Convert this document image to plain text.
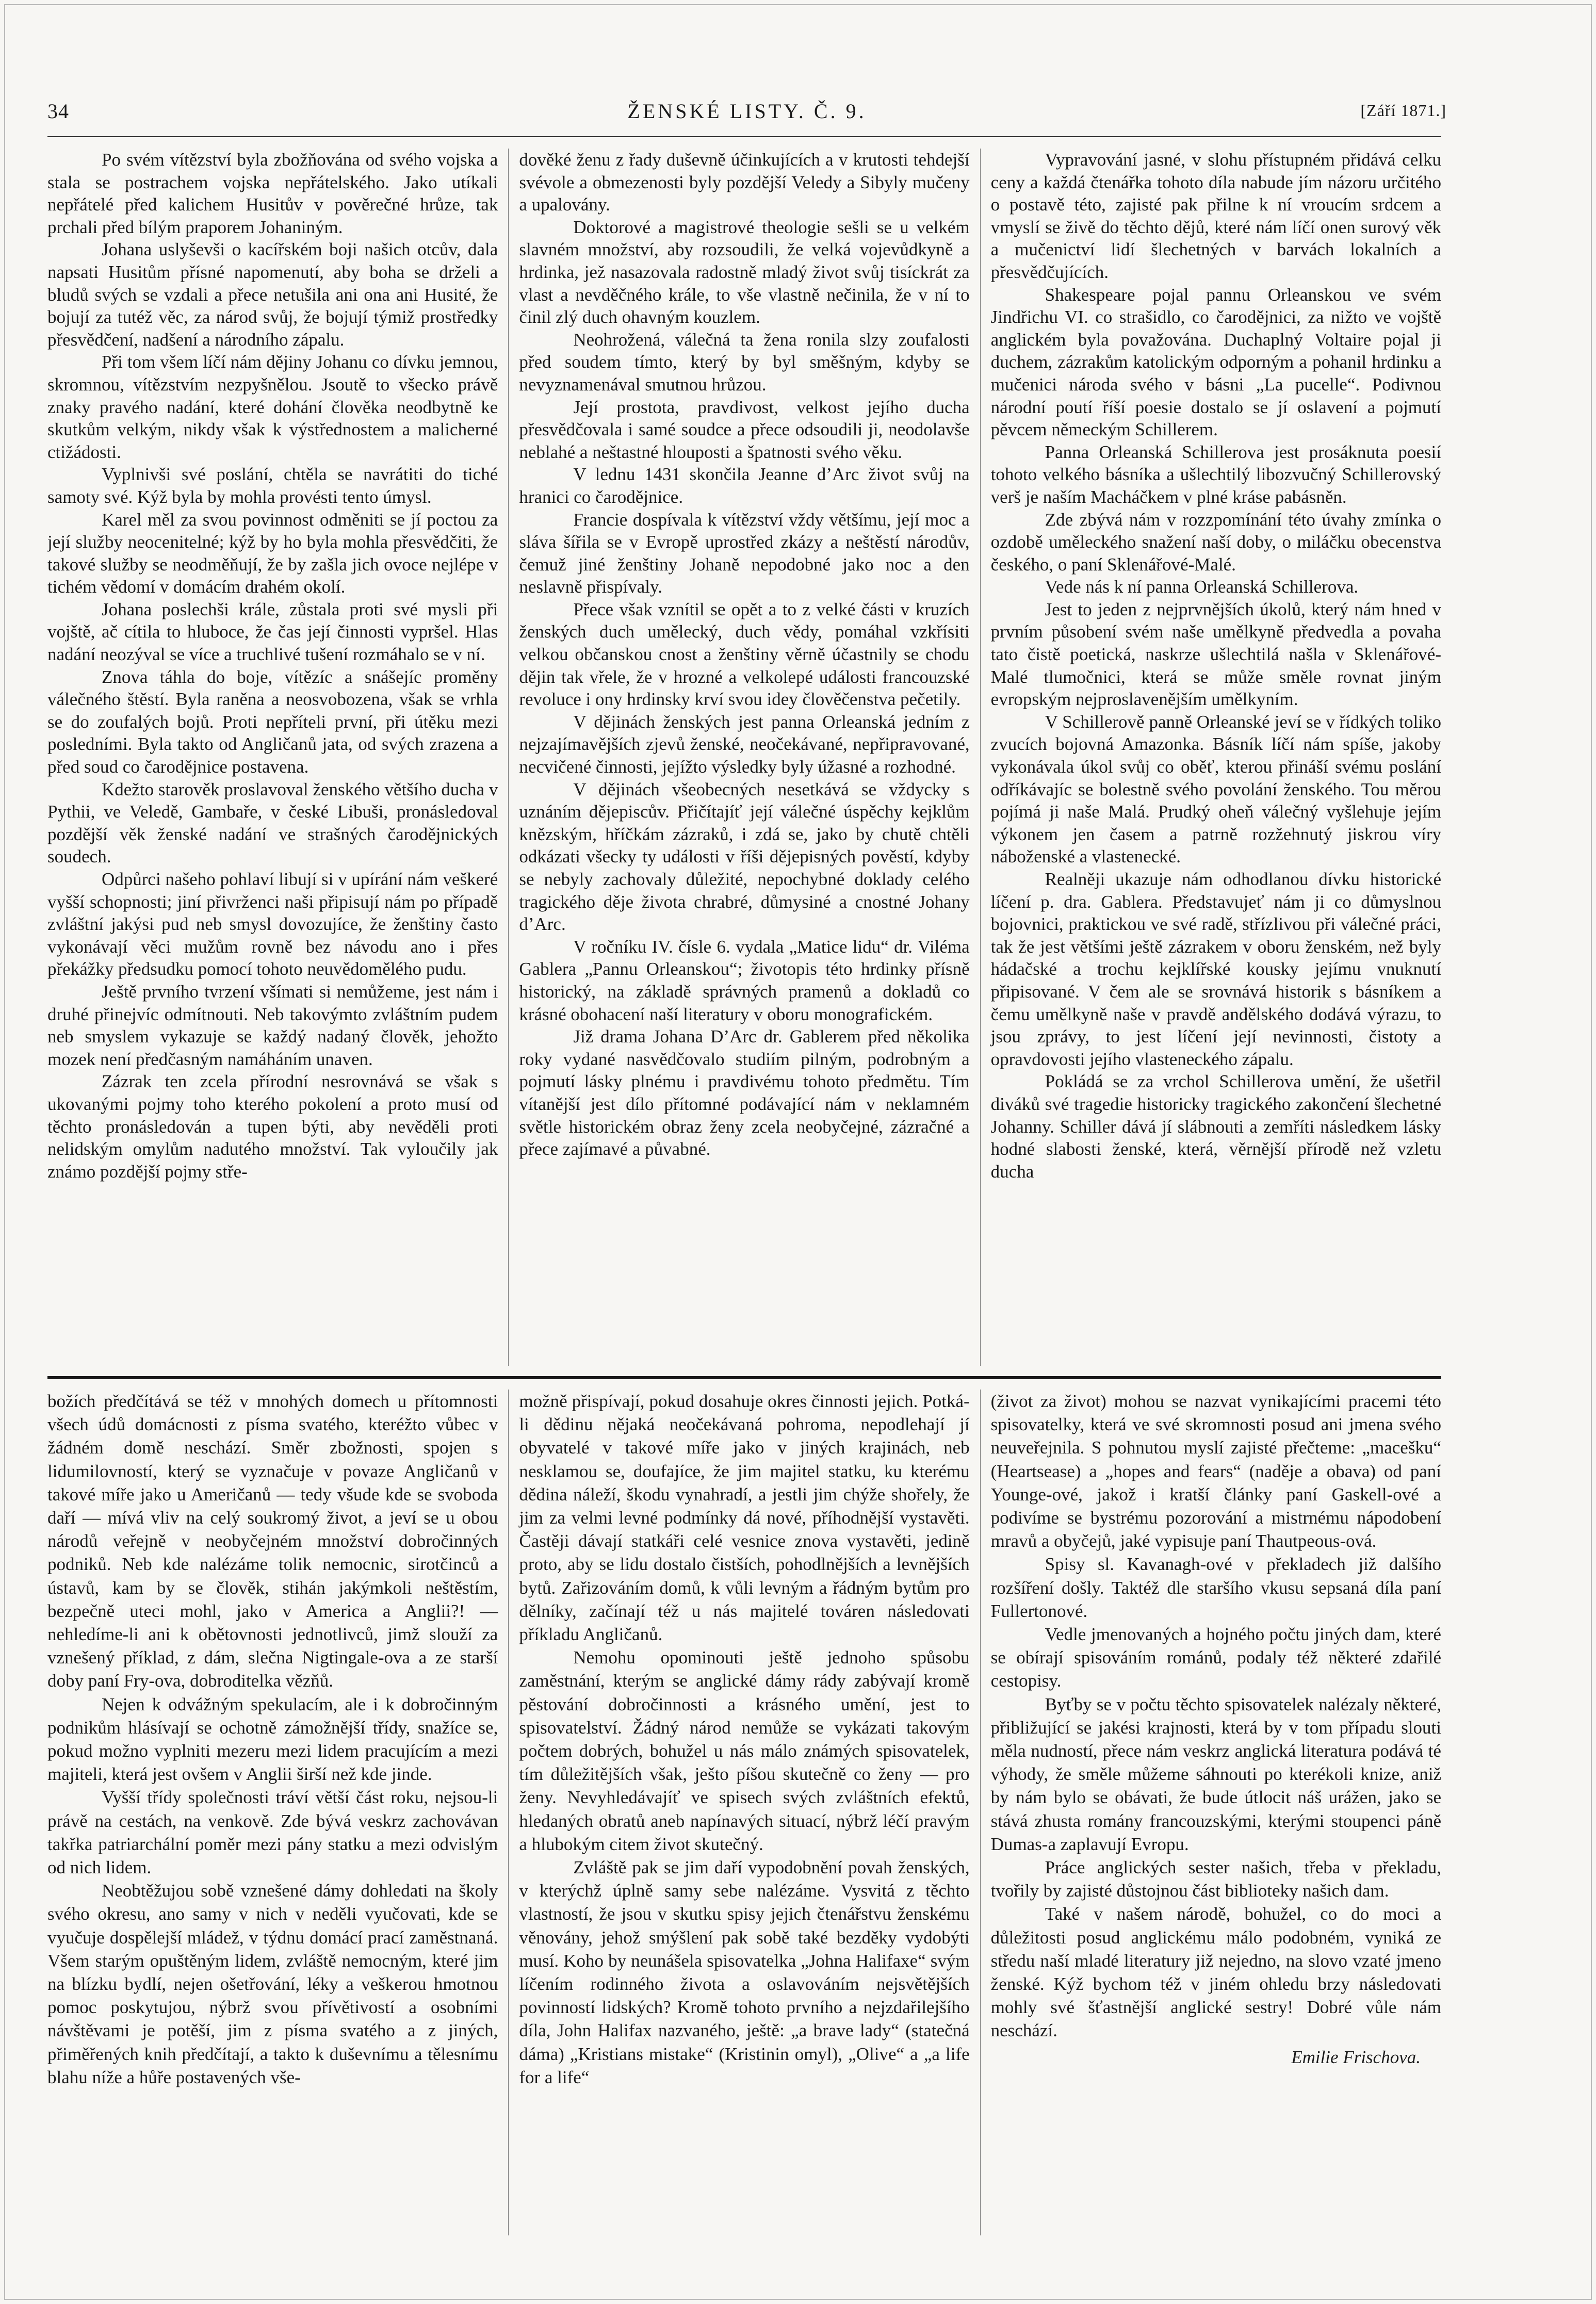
34	ŽENSKÉ LISTY. Č. 9.	[Září 1871.]

Po svém vítězství byla zbožňována od svého vojska a stala se postrachem vojska nepřátelského. Jako utíkali nepřátelé před kalichem Husitův v pověrečné hrůze, tak prchali před bílým praporem Johaniným.

Johana uslyševši o kacířském boji našich otcův, dala napsati Husitům přísné napomenutí, aby boha se drželi a bludů svých se vzdali a přece netušila ani ona ani Husité, že bojují za tutéž věc, za národ svůj, že bojují týmiž prostředky přesvědčení, nadšení a národního zápalu.

Při tom všem líčí nám dějiny Johanu co dívku jemnou, skromnou, vítězstvím nezpyšnělou. Jsoutě to všecko právě znaky pravého nadání, které dohání člověka neodbytně ke skutkům velkým, nikdy však k výstřednostem a malicherné ctižádosti.

Vyplnivši své poslání, chtěla se navrátiti do tiché samoty své. Kýž byla by mohla provésti tento úmysl.

Karel měl za svou povinnost odměniti se jí poctou za její služby neocenitelné; kýž by ho byla mohla přesvědčiti, že takové služby se neodměňují, že by zašla jich ovoce nejlépe v tichém vědomí v domácím drahém okolí.

Johana poslechši krále, zůstala proti své mysli při vojště, ač cítila to hluboce, že čas její činnosti vypršel. Hlas nadání neozýval se více a truchlivé tušení rozmáhalo se v ní.

Znova táhla do boje, vítězíc a snášejíc proměny válečného štěstí. Byla raněna a neosvobozena, však se vrhla se do zoufalých bojů. Proti nepříteli první, při útěku mezi posledními. Byla takto od Angličanů jata, od svých zrazena a před soud co čarodějnice postavena.

Kdežto starověk proslavoval ženského většího ducha v Pythii, ve Veledě, Gambaře, v české Libuši, pronásledoval pozdější věk ženské nadání ve strašných čarodějnických soudech.

Odpůrci našeho pohlaví libují si v upírání nám veškeré vyšší schopnosti; jiní přivrženci naši připisují nám po případě zvláštní jakýsi pud neb smysl dovozujíce, že ženštiny často vykonávají věci mužům rovně bez návodu ano i přes překážky předsudku pomocí tohoto neuvědomělého pudu.

Ještě prvního tvrzení všímati si nemůžeme, jest nám i druhé přinejvíc odmítnouti. Neb takovýmto zvláštním pudem neb smyslem vykazuje se každý nadaný člověk, jehožto mozek není předčasným namáháním unaven.

Zázrak ten zcela přírodní nesrovnává se však s ukovanými pojmy toho kterého pokolení a proto musí od těchto pronásledován a tupen býti, aby nevěděli proti nelidským omylům nadutého množství. Tak vyloučily jak známo pozdější pojmy stře-

dověké ženu z řady duševně účinkujících a v krutosti tehdejší svévole a obmezenosti byly pozdější Veledy a Sibyly mučeny a upalovány.

Doktorové a magistrové theologie sešli se u velkém slavném množství, aby rozsoudili, že velká vojevůdkyně a hrdinka, jež nasazovala radostně mladý život svůj tisíckrát za vlast a nevděčného krále, to vše vlastně nečinila, že v ní to činil zlý duch ohavným kouzlem.

Neohrožená, válečná ta žena ronila slzy zoufalosti před soudem tímto, který by byl směšným, kdyby se nevyznamenával smutnou hrůzou.

Její prostota, pravdivost, velkost jejího ducha přesvědčovala i samé soudce a přece odsoudili ji, neodolavše neblahé a neštastné hlouposti a špatnosti svého věku.

V lednu 1431 skončila Jeanne d’Arc život svůj na hranici co čarodějnice.

Francie dospívala k vítězství vždy většímu, její moc a sláva šířila se v Evropě uprostřed zkázy a neštěstí národův, čemuž jiné ženštiny Johaně nepodobné jako noc a den neslavně přispívaly.

Přece však vznítil se opět a to z velké části v kruzích ženských duch umělecký, duch vědy, pomáhal vzkřísiti velkou občanskou cnost a ženštiny věrně účastnily se chodu dějin tak vřele, že v hrozné a velkolepé události francouzské revoluce i ony hrdinsky krví svou idey člověčenstva pečetily.

V dějinách ženských jest panna Orleanská jedním z nejzajímavějších zjevů ženské, neočekávané, nepřipravované, necvičené činnosti, jejížto výsledky byly úžasné a rozhodné.

V dějinách všeobecných nesetkává se vždycky s uznáním dějepiscův. Přičítajíť její válečné úspěchy kejklům knězským, hříčkám zázraků, i zdá se, jako by chutě chtěli odkázati všecky ty události v říši dějepisných pověstí, kdyby se nebyly zachovaly důležité, nepochybné doklady celého tragického děje života chrabré, důmysiné a cnostné Johany d’Arc.

V ročníku IV. čísle 6. vydala „Matice lidu“ dr. Viléma Gablera „Pannu Orleanskou“; životopis této hrdinky přísně historický, na základě správných pramenů a dokladů co krásné obohacení naší literatury v oboru monografickém.

Již drama Johana D’Arc dr. Gablerem před několika roky vydané nasvědčovalo studiím pilným, podrobným a pojmutí lásky plnému i pravdivému tohoto předmětu. Tím vítanější jest dílo přítomné podávající nám v neklamném světle historickém obraz ženy zcela neobyčejné, zázračné a přece zajímavé a půvabné.

Vypravování jasné, v slohu přístupném přidává celku ceny a každá čtenářka tohoto díla nabude jím názoru určitého o postavě této, zajisté pak přilne k ní vroucím srdcem a vmyslí se živě do těchto dějů, které nám líčí onen surový věk a mučenictví lidí šlechetných v barvách lokalních a přesvědčujících.

Shakespeare pojal pannu Orleanskou ve svém Jindřichu VI. co strašidlo, co čarodějnici, za nižto ve vojště anglickém byla považována. Duchaplný Voltaire pojal ji duchem, zázrakům katolickým odporným a pohanil hrdinku a mučenici národa svého v básni „La pucelle“. Podivnou národní poutí říší poesie dostalo se jí oslavení a pojmutí pěvcem německým Schillerem.

Panna Orleanská Schillerova jest prosáknuta poesií tohoto velkého básníka a ušlechtilý libozvučný Schillerovský verš je naším Macháčkem v plné kráse pabásněn.

Zde zbývá nám v rozzpomínání této úvahy zmínka o ozdobě uměleckého snažení naší doby, o miláčku obecenstva českého, o paní Sklenářové-Malé.

Vede nás k ní panna Orleanská Schillerova.

Jest to jeden z nejprvnějších úkolů, který nám hned v prvním působení svém naše umělkyně předvedla a povaha tato čistě poetická, naskrze ušlechtilá našla v Sklenářové-Malé tlumočnici, která se může směle rovnat jiným evropským nejproslavenějším umělkyním.

V Schillerově panně Orleanské jeví se v řídkých toliko zvucích bojovná Amazonka. Básník líčí nám spíše, jakoby vykonávala úkol svůj co oběť, kterou přináší svému poslání odříkávajíc se bolestně svého povolání ženského. Tou měrou pojímá ji naše Malá. Prudký oheň válečný vyšlehuje jejím výkonem jen časem a patrně rozžehnutý jiskrou víry náboženské a vlastenecké.

Realněji ukazuje nám odhodlanou dívku historické líčení p. dra. Gablera. Představujeť nám ji co důmyslnou bojovnici, praktickou ve své radě, střízlivou při válečné práci, tak že jest většími ještě zázrakem v oboru ženském, než byly hádačské a trochu kejklířské kousky jejímu vnuknutí připisované. V čem ale se srovnává historik s básníkem a čemu umělkyně naše v pravdě andělského dodává výrazu, to jsou zprávy, to jest líčení její nevinnosti, čistoty a opravdovosti jejího vlasteneckého zápalu.

Pokládá se za vrchol Schillerova umění, že ušetřil diváků své tragedie historicky tragického zakončení šlechetné Johanny. Schiller dává jí slábnouti a zemříti následkem lásky hodné slabosti ženské, která, věrnější přírodě než vzletu ducha

božích předčítává se též v mnohých domech u přítomnosti všech údů domácnosti z písma svatého, kteréžto vůbec v žádném domě neschází. Směr zbožnosti, spojen s lidumilovností, který se vyznačuje v povaze Angličanů v takové míře jako u Američanů — tedy všude kde se svoboda daří — mívá vliv na celý soukromý život, a jeví se u obou národů veřejně v neobyčejném množství dobročinných podniků. Neb kde nalézáme tolik nemocnic, sirotčinců a ústavů, kam by se člověk, stihán jakýmkoli neštěstím, bezpečně uteci mohl, jako v America a Anglii?! — nehledíme-li ani k obětovnosti jednotlivců, jimž slouží za vznešený příklad, z dám, slečna Nigtingale-ova a ze starší doby paní Fry-ova, dobroditelka vězňů.

Nejen k odvážným spekulacím, ale i k dobročinným podnikům hlásívají se ochotně zámožnější třídy, snažíce se, pokud možno vyplniti mezeru mezi lidem pracujícím a mezi majiteli, která jest ovšem v Anglii širší než kde jinde.

Vyšší třídy společnosti tráví větší část roku, nejsou-li právě na cestách, na venkově. Zde bývá veskrz zachovávan takřka patriarchální poměr mezi pány statku a mezi odvislým od nich lidem.

Neobtěžujou sobě vznešené dámy dohledati na školy svého okresu, ano samy v nich v neděli vyučovati, kde se vyučuje dospělejší mládež, v týdnu domácí prací zaměstnaná. Všem starým opuštěným lidem, zvláště nemocným, které jim na blízku bydlí, nejen ošetřování, léky a veškerou hmotnou pomoc poskytujou, nýbrž svou přívětivostí a osobními návštěvami je potěší, jim z písma svatého a z jiných, přiměřených knih předčítají, a takto k duševnímu a tělesnímu blahu níže a hůře postavených vše-

možně přispívají, pokud dosahuje okres činnosti jejich. Potká-li dědinu nějaká neočekávaná pohroma, nepodlehají jí obyvatelé v takové míře jako v jiných krajinách, neb nesklamou se, doufajíce, že jim majitel statku, ku kterému dědina náleží, škodu vynahradí, a jestli jim chýže shořely, že jim za velmi levné podmínky dá nové, příhodnější vystavěti. Častěji dávají statkáři celé vesnice znova vystavěti, jedině proto, aby se lidu dostalo čistších, pohodlnějších a levnějších bytů. Zařizováním domů, k vůli levným a řádným bytům pro dělníky, začínají též u nás majitelé továren následovati příkladu Angličanů.

Nemohu opominouti ještě jednoho spůsobu zaměstnání, kterým se anglické dámy rády zabývají kromě pěstování dobročinnosti a krásného umění, jest to spisovatelství. Žádný národ nemůže se vykázati takovým počtem dobrých, bohužel u nás málo známých spisovatelek, tím důležitějších však, ješto píšou skutečně co ženy — pro ženy. Nevyhledávajíť ve spisech svých zvláštních efektů, hledaných obratů aneb napínavých situací, nýbrž léčí pravým a hlubokým citem život skutečný.

Zvláště pak se jim daří vypodobnění povah ženských, v kterýchž úplně samy sebe nalézáme. Vysvitá z těchto vlastností, že jsou v skutku spisy jejich čtenářstvu ženskému věnovány, jehož smýšlení pak sobě také bezděky vydobýti musí. Koho by neunášela spisovatelka „Johna Halifaxe“ svým líčením rodinného života a oslavováním nejsvětějších povinností lidských? Kromě tohoto prvního a nejzdařilejšího díla, John Halifax nazvaného, ještě: „a brave lady“ (statečná dáma) „Kristians mistake“ (Kristinin omyl), „Olive“ a „a life for a life“

(život za život) mohou se nazvat vynikajícími pracemi této spisovatelky, která ve své skromnosti posud ani jmena svého neuveřejnila. S pohnutou myslí zajisté přečteme: „macešku“ (Heartsease) a „hopes and fears“ (naděje a obava) od paní Younge-ové, jakož i kratší články paní Gaskell-ové a podivíme se bystrému pozorování a mistrnému nápodobení mravů a obyčejů, jaké vypisuje paní Thautpeous-ová.

Spisy sl. Kavanagh-ové v překladech již dalšího rozšíření došly. Taktéž dle staršího vkusu sepsaná díla paní Fullertonové.

Vedle jmenovaných a hojného počtu jiných dam, které se obírají spisováním románů, podaly též některé zdařilé cestopisy.

Byťby se v počtu těchto spisovatelek nalézaly některé, přibližující se jakési krajnosti, která by v tom případu slouti měla nudností, přece nám veskrz anglická literatura podává té výhody, že směle můžeme sáhnouti po kterékoli knize, aniž by nám bylo se obávati, že bude útlocit náš urážen, jako se stává zhusta romány francouzskými, kterými stoupenci páně Dumas-a zaplavují Evropu.

Práce anglických sester našich, třeba v překladu, tvořily by zajisté důstojnou část biblioteky našich dam.

Také v našem národě, bohužel, co do moci a důležitosti posud anglickému málo podobném, vyniká ze středu naší mladé literatury již nejedno, na slovo vzaté jmeno ženské. Kýž bychom též v jiném ohledu brzy následovati mohly své šťastnější anglické sestry! Dobré vůle nám neschází.

Emilie Frischova.
